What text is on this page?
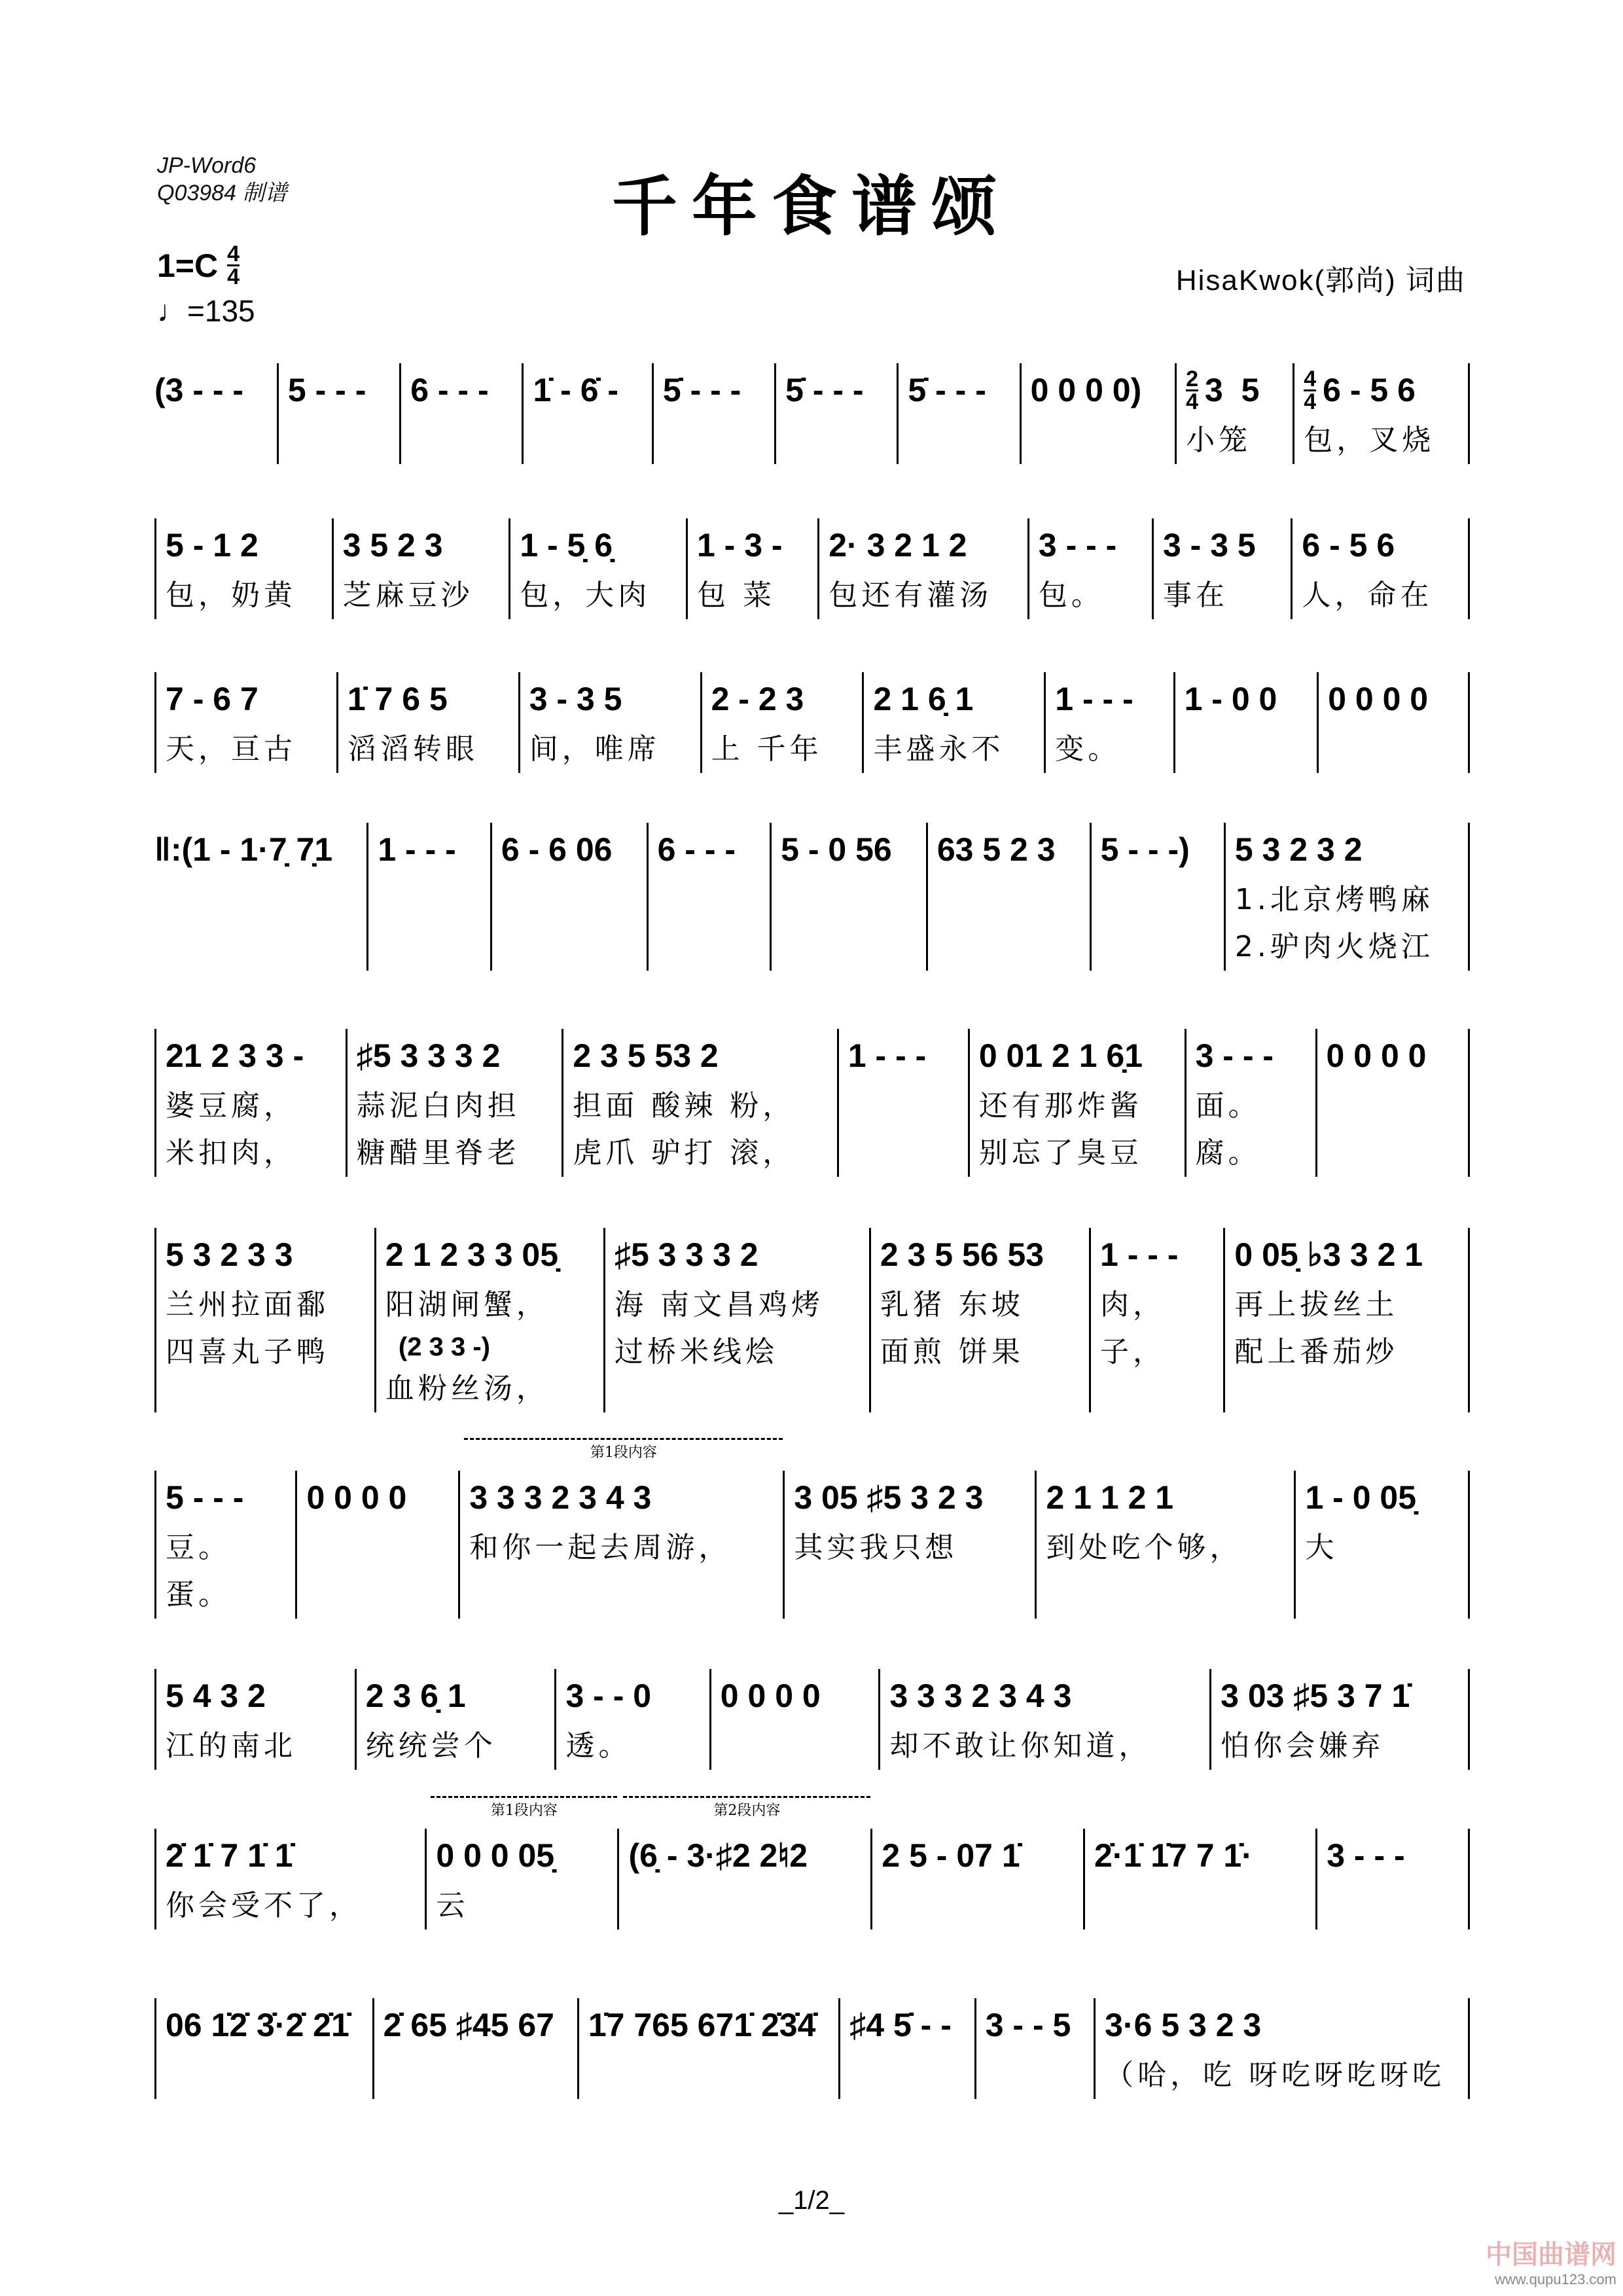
JP-Word6
Q03984 制谱	千年食谱颂
$1=C \frac{4}{4}$
♩=135
HisaKwok(郭尚) 词曲
(3 - - - 5 - - - 6 - - - 1̇ - 6̇ - 5̇ - - - 5̇ - - - 5̇ - - - 0 0 0 $0) \frac{2}{4} 3$  5
小笼
$\frac{4}{4} 6 - 5$ 6
包，叉烧
5 - 1 2
包，奶黄
3 5 2 3
芝麻豆沙
1 - 5̣ 6̣
包，大肉
1 - 3 -
包 菜
2· 3 2 1 2
包还有灌汤
3 - - -
包。
3 - 3 5
事在
6 - 5 6
人，命在
7 - 6 7
天，亘古
1̇ 7 6 5
滔滔转眼
3 - 3 5
间，唯席
2 - 2 3
上 千年
2 1 6̣ 1
丰盛永不
1 - - -
变。
1 - 0 0 0 0 0 0
‖:(1 - 1·7̣ 7̣1 1 - - - 6 - 6 06 6 - - - 5 - 0 56 63 5 2 3 5 - - -) 5 3 2 3 2
1.北京烤鸭麻
2.驴肉火烧江
21 2 3 3 -
婆豆腐，
米扣肉，
♯5 3 3 3 2
蒜泥白肉担
糖醋里脊老
2 3 5 53 2
担面 酸辣 粉，
虎爪 驴打 滚，
1 - - - 0 01 2 1 6̣1
还有那炸酱
别忘了臭豆
3 - - -
面。
腐。
0 0 0 0
5 3 2 3 3
兰州拉面鄱
四喜丸子鸭
2 1 2 3 3 05̣
阳湖闸蟹，
(2 3 3 -)
血粉丝汤，
♯5 3 3 3 2
海 南文昌鸡烤
过桥米线烩
2 3 5 56 53
乳猪 东坡
面煎 饼果
1 - - -
肉，
子，
0 05̣ ♭3 3 2 1
再上拔丝土
配上番茄炒
5 - - -
豆。
蛋。
0 0 0 0
第1段内容
3 3 3 2 3 4 3
和你一起去周游，
3 05 ♯5 3 2 3
其实我只想
2 1 1 2 1
到处吃个够，
1 - 0 05̣
大
5 4 3 2
江的南北
2 3 6̣ 1
统统尝个
3 - - 0
透。
0 0 0 0 3 3 3 2 3 4 3
却不敢让你知道，
3 03 ♯5 3 7 1̇
怕你会嫌弃
2̇ 1̇ 7 1̇ 1̇
你会受不了，
第1段内容
0 0 0 05̣
云
第2段内容
(6̣ - 3·♯2 2♮2 2 5 - 07 1̇ 2̇·1̇ 1̇7 7 1̇· 3 - - -
06 1̇2̇ 3̇·2̇ 2̇1̇ 2̇ 65 ♯45 67 1̇7 765 671̇ 2̇3̇4̇ ♯4 5̇ - - 3 - - 5 3·6 5 3 2 3
（哈，吃 呀吃呀吃呀吃
_1/2_
中国曲谱网
www.qupu123.com
